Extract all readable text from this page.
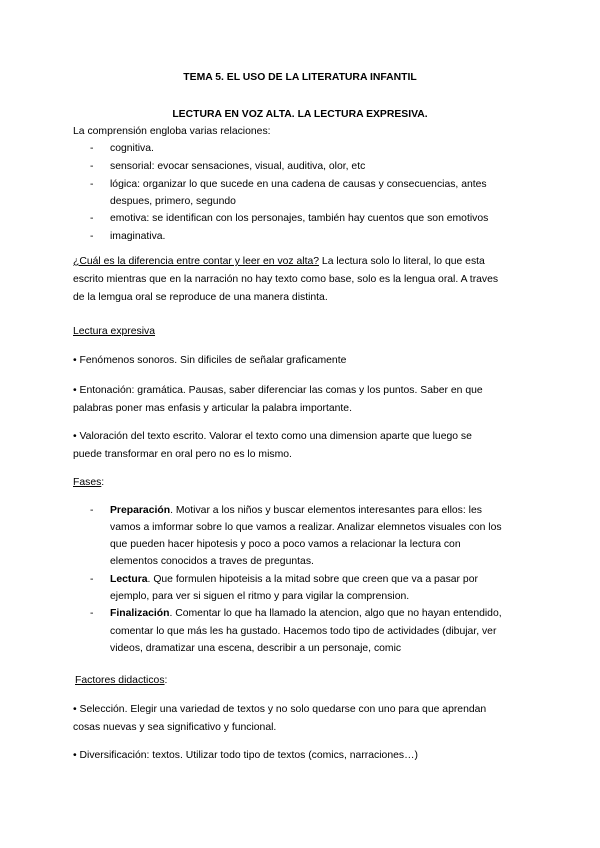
TEMA 5. EL USO DE LA LITERATURA INFANTIL
LECTURA EN VOZ ALTA. LA LECTURA EXPRESIVA.
La comprensión engloba varias relaciones:
- cognitiva.
- sensorial: evocar sensaciones, visual, auditiva, olor, etc
- lógica: organizar lo que sucede en una cadena de causas y consecuencias, antes
despues, primero, segundo
- emotiva: se identifican con los personajes, también hay cuentos que son emotivos
- imaginativa.
¿Cuál es la diferencia entre contar y leer en voz alta? La lectura solo lo literal, lo que esta
escrito mientras que en la narración no hay texto como base, solo es la lengua oral. A traves
de la lemgua oral se reproduce de una manera distinta.
Lectura expresiva
• Fenómenos sonoros. Sin dificiles de señalar graficamente
• Entonación: gramática. Pausas, saber diferenciar las comas y los puntos. Saber en que
palabras poner mas enfasis y articular la palabra importante.
• Valoración del texto escrito. Valorar el texto como una dimension aparte que luego se
puede transformar en oral pero no es lo mismo.
Fases:
- Preparación. Motivar a los niños y buscar elementos interesantes para ellos: les
vamos a imformar sobre lo que vamos a realizar. Analizar elemnetos visuales con los
que pueden hacer hipotesis y poco a poco vamos a relacionar la lectura con
elementos conocidos a traves de preguntas.
- Lectura. Que formulen hipoteisis a la mitad sobre que creen que va a pasar por
ejemplo, para ver si siguen el ritmo y para vigilar la comprension.
- Finalización. Comentar lo que ha llamado la atencion, algo que no hayan entendido,
comentar lo que más les ha gustado. Hacemos todo tipo de actividades (dibujar, ver
videos, dramatizar una escena, describir a un personaje, comic
Factores didacticos:
• Selección. Elegir una variedad de textos y no solo quedarse con uno para que aprendan
cosas nuevas y sea significativo y funcional.
• Diversificación: textos. Utilizar todo tipo de textos (comics, narraciones…)
